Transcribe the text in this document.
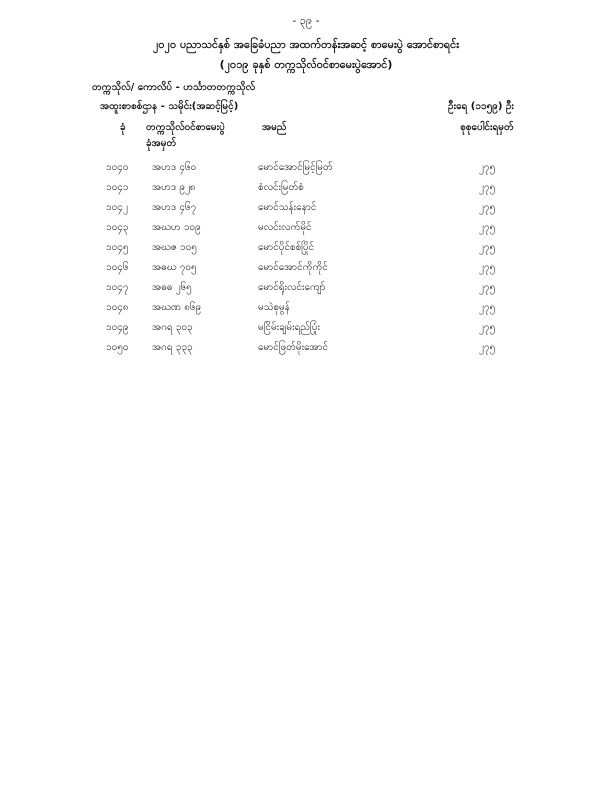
- ၃၉ -
၂၀၂၀ ပညာသင်နှစ် အခြေခံပညာ အထက်တန်းအဆင့် စာမေးပွဲ အောင်စာရင်း
(၂၀၁၉ ခုနှစ် တက္ကသိုလ်ဝင်စာမေးပွဲအောင်)
တက္ကသိုလ်/ ကောလိပ် - ဟင်္သာတတက္ကသိုလ်
အထူးစာစစ်ဌာန - သမိုင်း(အဆင့်မြင့်)	ဦးရေ (၁၁၅၉) ဦး
ခုံ တက္ကသိုလ်ဝင်စာမေးပွဲ
ခုံအမှတ်
အမည်	စုစုပေါင်းရမှတ်
၁၀၄၀ အဟဒ ၄၆၀	မောင်အောင်မြင့်မြတ်	၂၇၅
၁၀၄၁ အဟဒ ၉၂၈	စံလင်းမြတ်စံ	၂၇၅
၁၀၄၂ အဟဒ ၄၆၇	မောင်သန်းနောင်	၂၇၅
၁၀၄၃ အဃဟ ၁၀၉	မလင်းလက်မိုင်	၂၇၅
၁၀၄၅ အဃဇ ၁၀၅	မောင်ပိုင်စစ်ပြိုင်	၂၇၅
၁၀၄၆ အဓဃ ၇၀၅	မောင်အောင်ကိုကိုင်	၂၇၅
၁၀၄၇ အဓဓ ၂၆၅	မောင်ရိုးလင်းကျော်	၂၇၅
၁၀၄၈ အဃဏ ၈၆၉	မသဲစုမွန်	၂၇၅
၁၀၄၉ အဂရ ၃၀၃	မငြိမ်းချမ်းရည်ပြုံး	၂၇၅
၁၀၅၀ အဂရ ၃၃၃	မောင်ဖြတ်မိုးအောင်	၂၇၅
